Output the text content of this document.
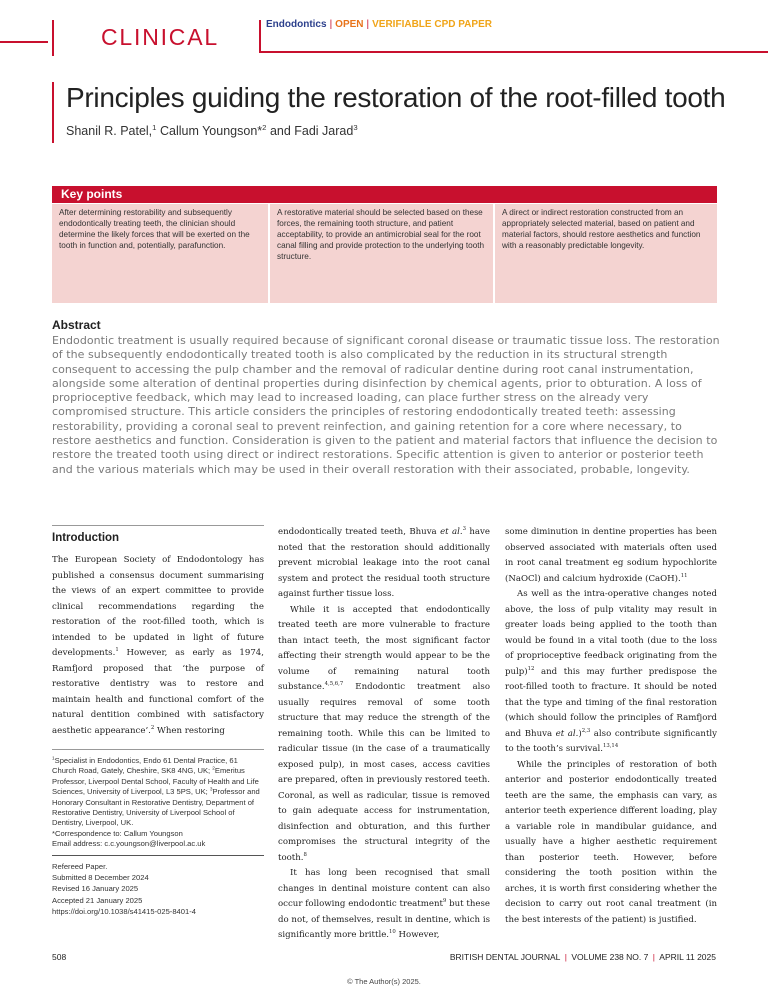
CLINICAL	Endodontics | OPEN | VERIFIABLE CPD PAPER
Principles guiding the restoration of the root-filled tooth
Shanil R. Patel,$^1$ Callum Youngson*$^2$ and Fadi Jarad$^3$
Key points
After determining restorability and subsequently endodontically treating teeth, the clinician should determine the likely forces that will be exerted on the tooth in function and, potentially, parafunction.
A restorative material should be selected based on these forces, the remaining tooth structure, and patient acceptability, to provide an antimicrobial seal for the root canal filling and provide protection to the underlying tooth structure.
A direct or indirect restoration constructed from an appropriately selected material, based on patient and material factors, should restore aesthetics and function with a reasonably predictable longevity.
Abstract

Endodontic treatment is usually required because of significant coronal disease or traumatic tissue loss. The restoration of the subsequently endodontically treated tooth is also complicated by the reduction in its structural strength consequent to accessing the pulp chamber and the removal of radicular dentine during root canal instrumentation, alongside some alteration of dentinal properties during disinfection by chemical agents, prior to obturation. A loss of proprioceptive feedback, which may lead to increased loading, can place further stress on the already very compromised structure. This article considers the principles of restoring endodontically treated teeth: assessing restorability, providing a coronal seal to prevent reinfection, and gaining retention for a core where necessary, to restore aesthetics and function. Consideration is given to the patient and material factors that influence the decision to restore the treated tooth using direct or indirect restorations. Specific attention is given to anterior or posterior teeth and the various materials which may be used in their overall restoration with their associated, probable, longevity.

Introduction

The European Society of Endodontology has published a consensus document summarising the views of an expert committee to provide clinical recommendations regarding the restoration of the root-filled tooth, which is intended to be updated in light of future developments.$^1$ However, as early as 1974, Ramfjord proposed that ‘the purpose of restorative dentistry was to restore and maintain health and functional comfort of the natural dentition combined with satisfactory aesthetic appearance’.$^2$ When restoring

$^1$Specialist in Endodontics, Endo 61 Dental Practice, 61 Church Road, Gately, Cheshire, SK8 4NG, UK; $^2$Emeritus Professor, Liverpool Dental School, Faculty of Health and Life Sciences, University of Liverpool, L3 5PS, UK; $^3$Professor and Honorary Consultant in Restorative Dentistry, Department of Restorative Dentistry, University of Liverpool School of Dentistry, Liverpool, UK.
*Correspondence to: Callum Youngson
Email address: c.c.youngson@liverpool.ac.uk
Refereed Paper.
Submitted 8 December 2024
Revised 16 January 2025
Accepted 21 January 2025
https://doi.org/10.1038/s41415-025-8401-4

endodontically treated teeth, Bhuva et al.$^3$ have noted that the restoration should additionally prevent microbial leakage into the root canal system and protect the residual tooth structure against further tissue loss.

While it is accepted that endodontically treated teeth are more vulnerable to fracture than intact teeth, the most significant factor affecting their strength would appear to be the volume of remaining natural tooth substance.$^{4,5,6,7}$ Endodontic treatment also usually requires removal of some tooth structure that may reduce the strength of the remaining tooth. While this can be limited to radicular tissue (in the case of a traumatically exposed pulp), in most cases, access cavities are prepared, often in previously restored teeth. Coronal, as well as radicular, tissue is removed to gain adequate access for instrumentation, disinfection and obturation, and this further compromises the structural integrity of the tooth.$^8$

It has long been recognised that small changes in dentinal moisture content can also occur following endodontic treatment$^9$ but these do not, of themselves, result in dentine, which is significantly more brittle.$^{10}$ However,

some diminution in dentine properties has been observed associated with materials often used in root canal treatment eg sodium hypochlorite (NaOCl) and calcium hydroxide (CaOH).$^{11}$

As well as the intra-operative changes noted above, the loss of pulp vitality may result in greater loads being applied to the tooth than would be found in a vital tooth (due to the loss of proprioceptive feedback originating from the pulp)$^{12}$ and this may further predispose the root-filled tooth to fracture. It should be noted that the type and timing of the final restoration (which should follow the principles of Ramfjord and Bhuva et al.)$^{2,3}$ also contribute significantly to the tooth’s survival.$^{13,14}$

While the principles of restoration of both anterior and posterior endodontically treated teeth are the same, the emphasis can vary, as anterior teeth experience different loading, play a variable role in mandibular guidance, and usually have a higher aesthetic requirement than posterior teeth. However, before considering the tooth position within the arches, it is worth first considering whether the decision to carry out root canal treatment (in the best interests of the patient) is justified.

508	BRITISH DENTAL JOURNAL | VOLUME 238 NO. 7 | APRIL 11 2025
© The Author(s) 2025.
